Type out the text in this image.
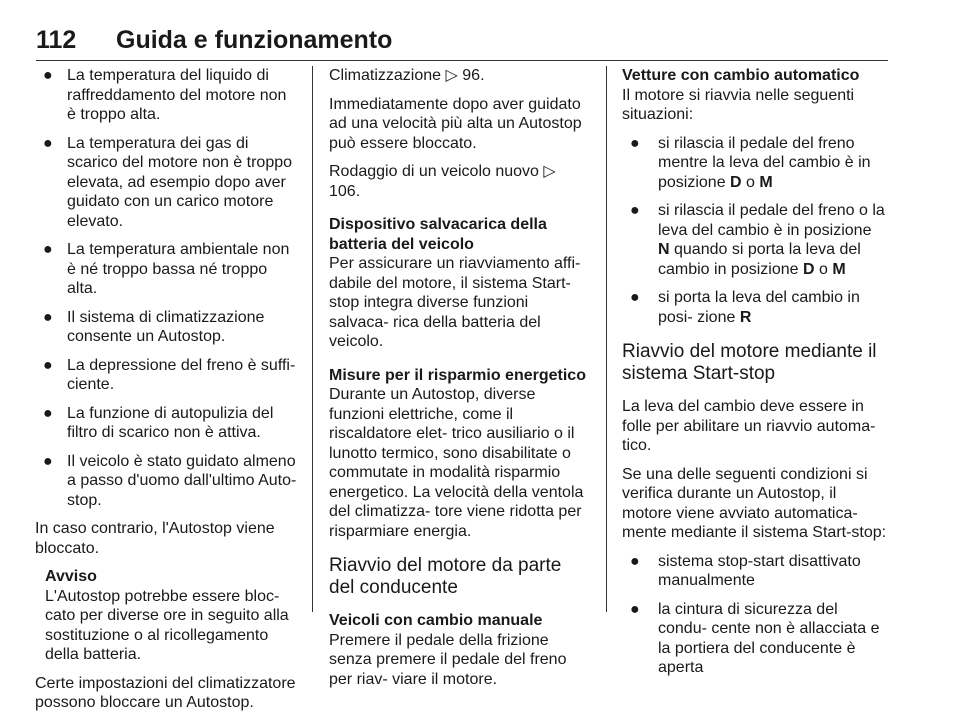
112 Guida e funzionamento
● La temperatura del liquido di raffreddamento del motore non è troppo alta.
● La temperatura dei gas di scarico del motore non è troppo elevata, ad esempio dopo aver guidato con un carico motore elevato.
● La temperatura ambientale non è né troppo bassa né troppo alta.
● Il sistema di climatizzazione consente un Autostop.
● La depressione del freno è suffi- ciente.
● La funzione di autopulizia del filtro di scarico non è attiva.
● Il veicolo è stato guidato almeno a passo d'uomo dall'ultimo Auto- stop.

In caso contrario, l'Autostop viene bloccato.

Avviso
L'Autostop potrebbe essere bloc- cato per diverse ore in seguito alla sostituzione o al ricollegamento della batteria.

Certe impostazioni del climatizzatore possono bloccare un Autostop.

Climatizzazione ▷ 96.

Immediatamente dopo aver guidato ad una velocità più alta un Autostop può essere bloccato.

Rodaggio di un veicolo nuovo ▷ 106.

Dispositivo salvacarica della batteria del veicolo

Per assicurare un riavviamento affi- dabile del motore, il sistema Start- stop integra diverse funzioni salvaca- rica della batteria del veicolo.

Misure per il risparmio energetico

Durante un Autostop, diverse funzioni elettriche, come il riscaldatore elet- trico ausiliario o il lunotto termico, sono disabilitate o commutate in modalità risparmio energetico. La velocità della ventola del climatizza- tore viene ridotta per risparmiare energia.

Riavvio del motore da parte del conducente
Veicoli con cambio manuale

Premere il pedale della frizione senza premere il pedale del freno per riav- viare il motore.

Vetture con cambio automatico

Il motore si riavvia nelle seguenti situazioni:

● si rilascia il pedale del freno mentre la leva del cambio è in posizione D o M
● si rilascia il pedale del freno o la leva del cambio è in posizione N quando si porta la leva del cambio in posizione D o M
● si porta la leva del cambio in posi- zione R
Riavvio del motore mediante il sistema Start-stop

La leva del cambio deve essere in folle per abilitare un riavvio automa- tico.

Se una delle seguenti condizioni si verifica durante un Autostop, il motore viene avviato automatica- mente mediante il sistema Start-stop:

● sistema stop-start disattivato manualmente
● la cintura di sicurezza del condu- cente non è allacciata e la portiera del conducente è aperta
